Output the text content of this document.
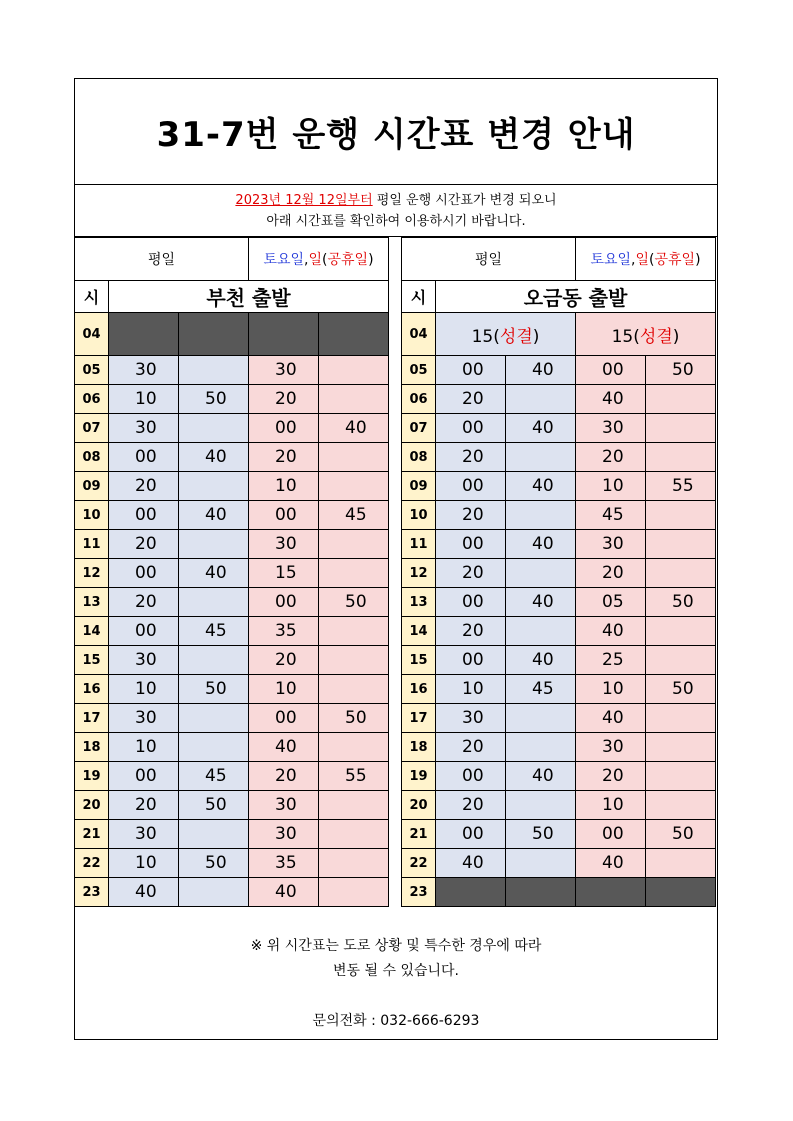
31-7번 운행 시간표 변경 안내
2023년 12월 12일부터 평일 운행 시간표가 변경 되오니
아래 시간표를 확인하여 이용하시기 바랍니다.
평일			토요일,일(공휴일)	
시	부천 출발			
04				
05	30		30	
06	10	50	20	
07	30		00	40
08	00	40	20	
09	20		10	
10	00	40	00	45
11	20		30	
12	00	40	15	
13	20		00	50
14	00	45	35	
15	30		20	
16	10	50	10	
17	30		00	50
18	10		40	
19	00	45	20	55
20	20	50	30	
21	30		30	
22	10	50	35	
23	40		40	
평일			토요일,일(공휴일)	
시	오금동 출발			
04	15(성결)		15(성결)	
05	00	40	00	50
06	20		40	
07	00	40	30	
08	20		20	
09	00	40	10	55
10	20		45	
11	00	40	30	
12	20		20	
13	00	40	05	50
14	20		40	
15	00	40	25	
16	10	45	10	50
17	30		40	
18	20		30	
19	00	40	20	
20	20		10	
21	00	50	00	50
22	40		40	
23				
※ 위 시간표는 도로 상황 및 특수한 경우에 따라
변동 될 수 있습니다.
문의전화 : 032-666-6293
